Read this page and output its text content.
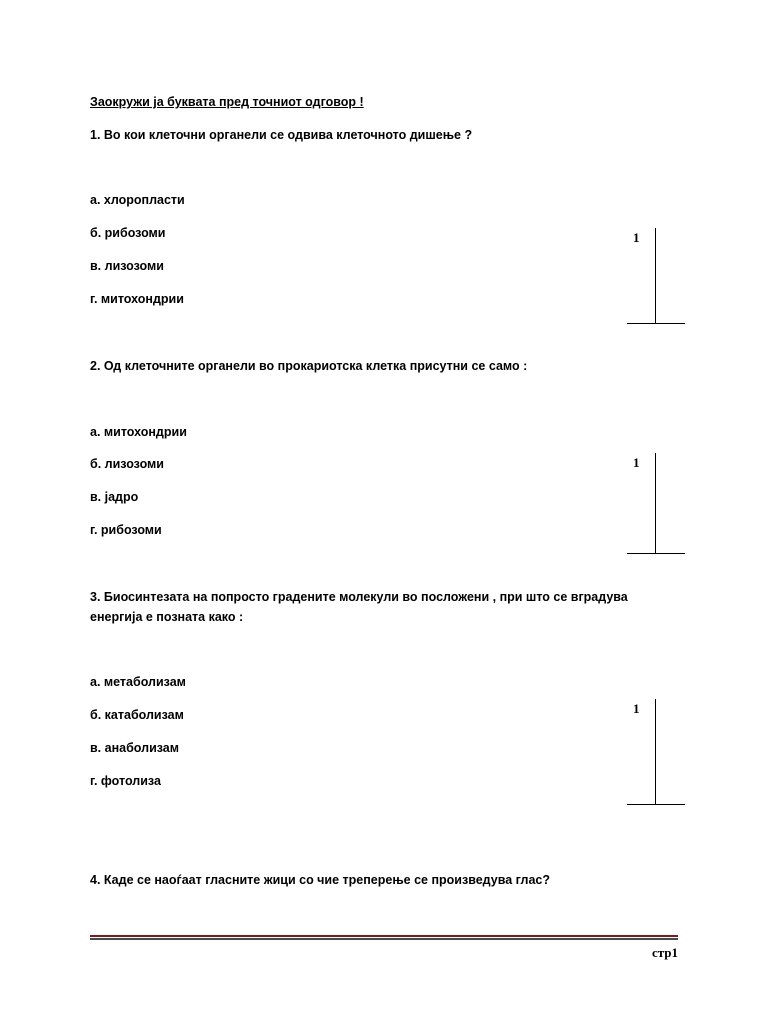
Заокружи ја буквата пред точниот одговор !
1. Во кои клеточни органели се одвива клеточното дишење ?
а. хлоропласти
б. рибозоми
в. лизозоми
г. митохондрии
1
2. Од клеточните органели во прокариотска клетка присутни се само :
а. митохондрии
б. лизозоми
в. јадро
г. рибозоми
1
3. Биосинтезата на попросто градените молекули во посложени , при што се вградува енергија е позната како :
а. метаболизам
б. катаболизам
в. анаболизам
г. фотолиза
1
4. Каде се наоѓаат гласните жици со чие треперење се произведува глас?
стр1
